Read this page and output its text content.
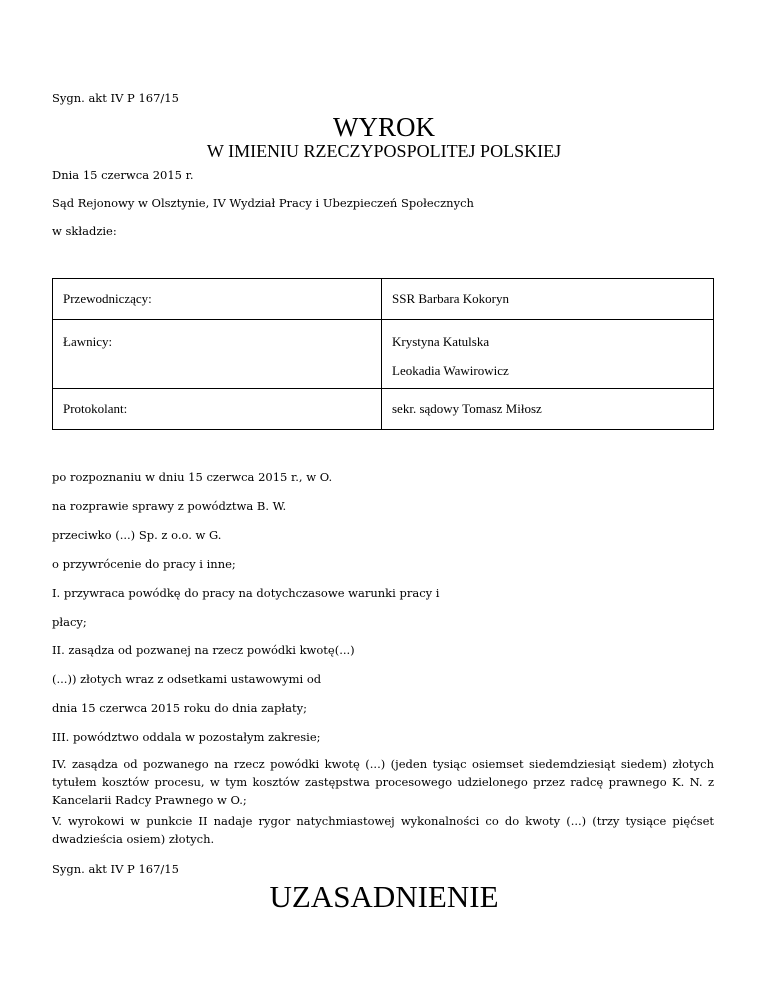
Sygn. akt IV P 167/15
WYROK
W IMIENIU RZECZYPOSPOLITEJ POLSKIEJ
Dnia 15 czerwca 2015 r.
Sąd Rejonowy w Olsztynie, IV Wydział Pracy i Ubezpieczeń Społecznych
w składzie:
Przewodniczący:	SSR Barbara Kokoryn

Ławnicy:	Krystyna Katulska
Leokadia Wawirowicz

Protokolant:	sekr. sądowy Tomasz Miłosz
po rozpoznaniu w dniu 15 czerwca 2015 r., w O.
na rozprawie sprawy z powództwa B. W.
przeciwko (...) Sp. z o.o. w G.
o przywrócenie do pracy i inne;
I. przywraca powódkę do pracy na dotychczasowe warunki pracy i
płacy;
II. zasądza od pozwanej na rzecz powódki kwotę(...)
(...)) złotych wraz z odsetkami ustawowymi od
dnia 15 czerwca 2015 roku do dnia zapłaty;
III. powództwo oddala w pozostałym zakresie;
IV. zasądza od pozwanego na rzecz powódki kwotę (...) (jeden tysiąc osiemset siedemdziesiąt siedem) złotych tytułem kosztów procesu, w tym kosztów zastępstwa procesowego udzielonego przez radcę prawnego K. N. z Kancelarii Radcy Prawnego w O.;
V. wyrokowi w punkcie II nadaje rygor natychmiastowej wykonalności co do kwoty (...) (trzy tysiące pięćset dwadzieścia osiem) złotych.
Sygn. akt IV P 167/15
UZASADNIENIE
